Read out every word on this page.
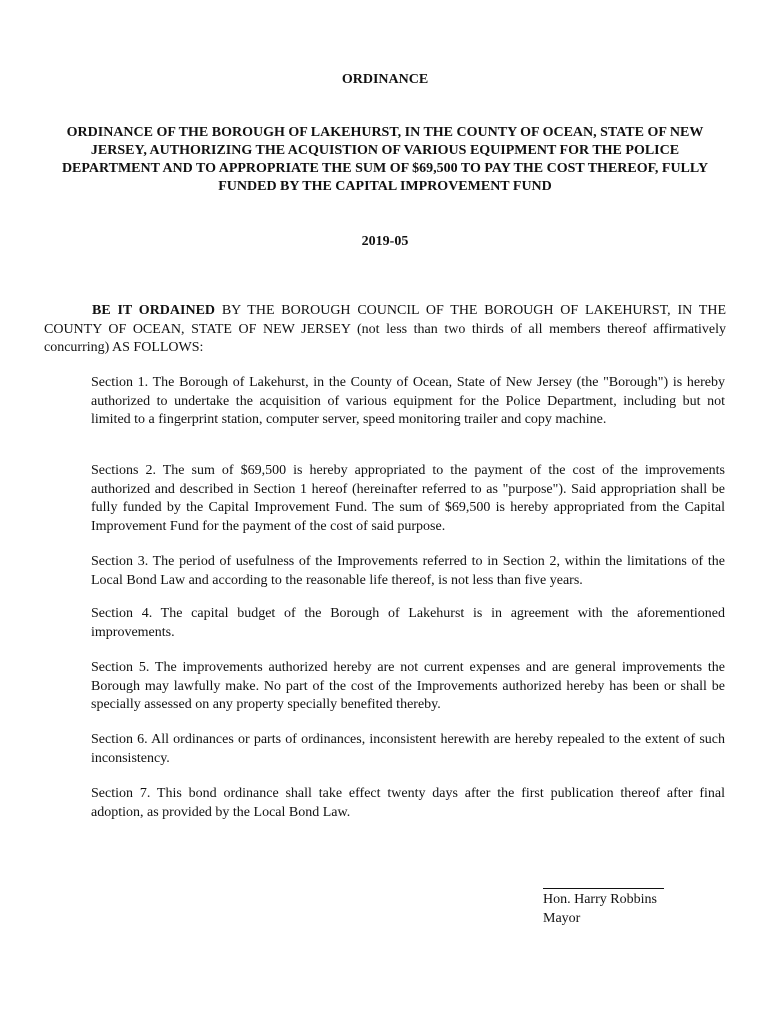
ORDINANCE
ORDINANCE OF THE BOROUGH OF LAKEHURST, IN THE COUNTY OF OCEAN, STATE OF NEW JERSEY, AUTHORIZING THE ACQUISTION OF VARIOUS EQUIPMENT FOR THE POLICE DEPARTMENT AND TO APPROPRIATE THE SUM OF $69,500 TO PAY THE COST THEREOF, FULLY FUNDED BY THE CAPITAL IMPROVEMENT FUND
2019-05
BE IT ORDAINED BY THE BOROUGH COUNCIL OF THE BOROUGH OF LAKEHURST, IN THE COUNTY OF OCEAN, STATE OF NEW JERSEY (not less than two thirds of all members thereof affirmatively concurring) AS FOLLOWS:
Section 1. The Borough of Lakehurst, in the County of Ocean, State of New Jersey (the "Borough") is hereby authorized to undertake the acquisition of various equipment for the Police Department, including but not limited to a fingerprint station, computer server, speed monitoring trailer and copy machine.
Sections 2. The sum of $69,500 is hereby appropriated to the payment of the cost of the improvements authorized and described in Section 1 hereof (hereinafter referred to as "purpose"). Said appropriation shall be fully funded by the Capital Improvement Fund. The sum of $69,500 is hereby appropriated from the Capital Improvement Fund for the payment of the cost of said purpose.
Section 3. The period of usefulness of the Improvements referred to in Section 2, within the limitations of the Local Bond Law and according to the reasonable life thereof, is not less than five years.
Section 4. The capital budget of the Borough of Lakehurst is in agreement with the aforementioned improvements.
Section 5. The improvements authorized hereby are not current expenses and are general improvements the Borough may lawfully make. No part of the cost of the Improvements authorized hereby has been or shall be specially assessed on any property specially benefited thereby.
Section 6. All ordinances or parts of ordinances, inconsistent herewith are hereby repealed to the extent of such inconsistency.
Section 7. This bond ordinance shall take effect twenty days after the first publication thereof after final adoption, as provided by the Local Bond Law.
Hon. Harry Robbins
Mayor
